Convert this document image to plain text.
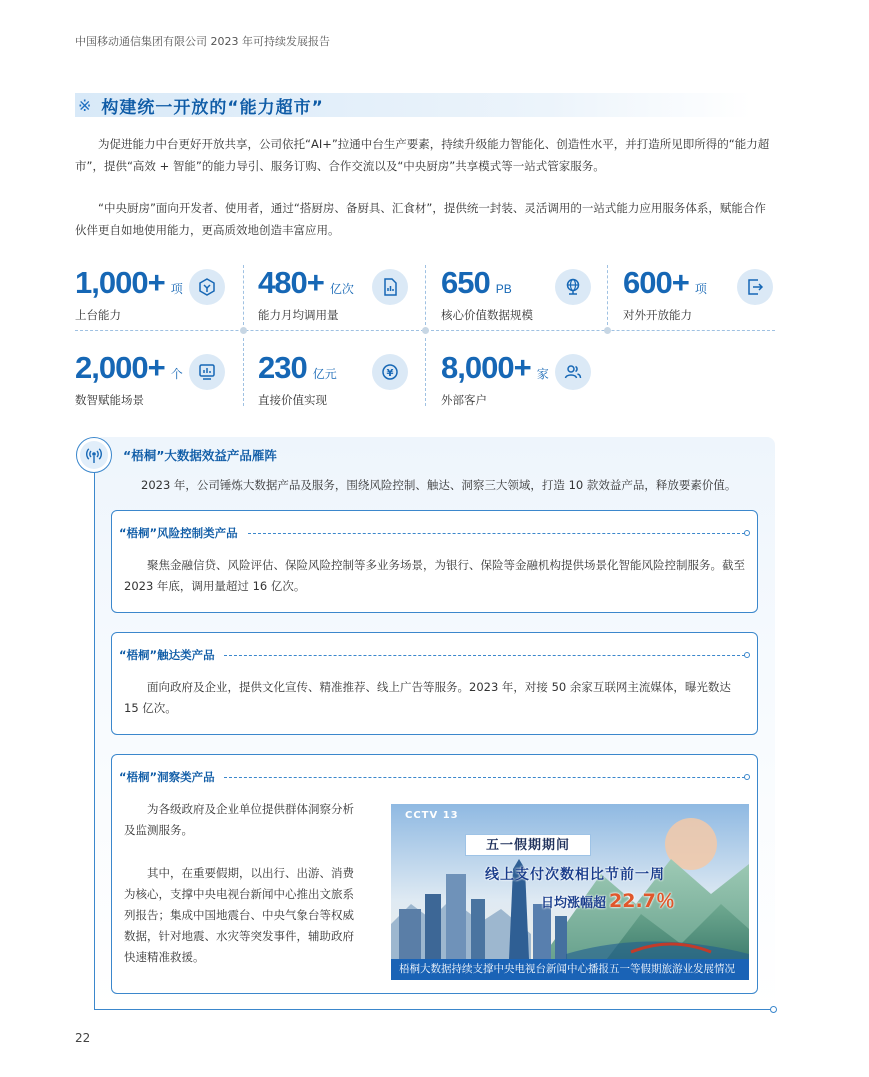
中国移动通信集团有限公司 2023 年可持续发展报告
※ 构建统一开放的“能力超市”

为促进能力中台更好开放共享，公司依托“AI+”拉通中台生产要素，持续升级能力智能化、创造性水平，并打造所见即所得的“能力超市”，提供“高效 + 智能”的能力导引、服务订购、合作交流以及“中央厨房”共享模式等一站式管家服务。

“中央厨房”面向开发者、使用者，通过“搭厨房、备厨具、汇食材”，提供统一封装、灵活调用的一站式能力应用服务体系，赋能合作伙伴更自如地使用能力，更高质效地创造丰富应用。

1,000+ 项
上台能力
480+ 亿次
能力月均调用量
650 PB
核心价值数据规模
600+ 项
对外开放能力
2,000+ 个
数智赋能场景
230 亿元
直接价值实现
¥ 8,000+ 家
外部客户
“梧桐”大数据效益产品雁阵
2023 年，公司锤炼大数据产品及服务，围绕风险控制、触达、洞察三大领域，打造 10 款效益产品，释放要素价值。
“梧桐”风险控制类产品
聚焦金融信贷、风险评估、保险风险控制等多业务场景，为银行、保险等金融机构提供场景化智能风险控制服务。截至 2023 年底，调用量超过 16 亿次。
“梧桐”触达类产品
面向政府及企业，提供文化宣传、精准推荐、线上广告等服务。2023 年，对接 50 余家互联网主流媒体，曝光数达 15 亿次。
“梧桐”洞察类产品
为各级政府及企业单位提供群体洞察分析及监测服务。
其中，在重要假期，以出行、出游、消费为核心，支撑中央电视台新闻中心推出文旅系列报告；集成中国地震台、中央气象台等权威数据，针对地震、水灾等突发事件，辅助政府快速精准救援。
CCTV 13
五一假期期间
线上支付次数相比节前一周
日均涨幅超 22.7％
梧桐大数据持续支撑中央电视台新闻中心播报五一等假期旅游业发展情况
22
